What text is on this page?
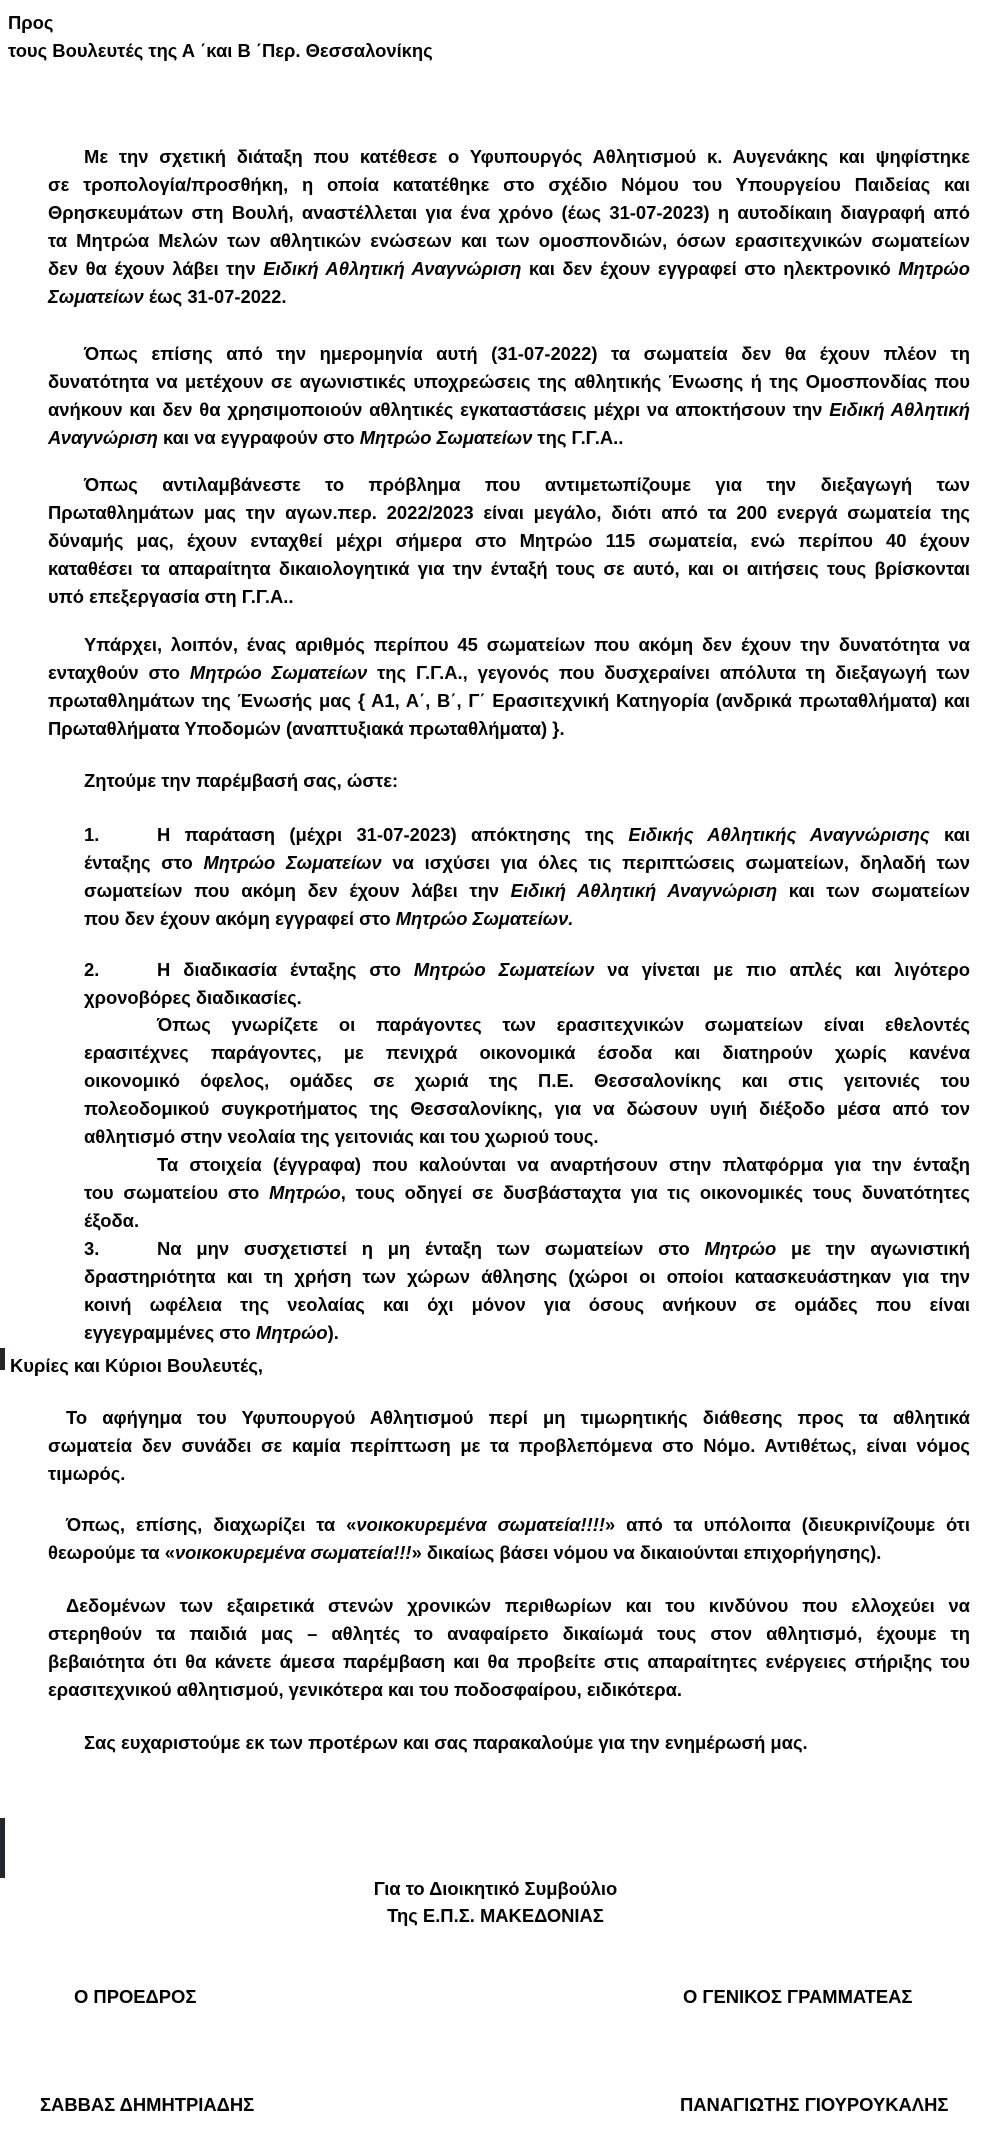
Προς
τους Βουλευτές της Α ΄και Β ΄Περ. Θεσσαλονίκης
Με την σχετική διάταξη που κατέθεσε ο Υφυπουργός Αθλητισμού κ. Αυγενάκης και ψηφίστηκε
σε τροπολογία/προσθήκη, η οποία κατατέθηκε στο σχέδιο Νόμου του Υπουργείου Παιδείας και
Θρησκευμάτων στη Βουλή, αναστέλλεται για ένα χρόνο (έως 31-07-2023) η αυτοδίκαιη διαγραφή από
τα Μητρώα Μελών των αθλητικών ενώσεων και των ομοσπονδιών, όσων ερασιτεχνικών σωματείων
δεν θα έχουν λάβει την Ειδική Αθλητική Αναγνώριση και δεν έχουν εγγραφεί στο ηλεκτρονικό Μητρώο
Σωματείων έως 31-07-2022.
Όπως επίσης από την ημερομηνία αυτή (31-07-2022) τα σωματεία δεν θα έχουν πλέον τη
δυνατότητα να μετέχουν σε αγωνιστικές υποχρεώσεις της αθλητικής Ένωσης ή της Ομοσπονδίας που
ανήκουν και δεν θα χρησιμοποιούν αθλητικές εγκαταστάσεις μέχρι να αποκτήσουν την Ειδική Αθλητική
Αναγνώριση και να εγγραφούν στο Μητρώο Σωματείων της Γ.Γ.Α..
Όπως αντιλαμβάνεστε το πρόβλημα που αντιμετωπίζουμε για την διεξαγωγή των
Πρωταθλημάτων μας την αγων.περ. 2022/2023 είναι μεγάλο, διότι από τα 200 ενεργά σωματεία της
δύναμής μας, έχουν ενταχθεί μέχρι σήμερα στο Μητρώο 115 σωματεία, ενώ περίπου 40 έχουν
καταθέσει τα απαραίτητα δικαιολογητικά για την ένταξή τους σε αυτό, και οι αιτήσεις τους βρίσκονται
υπό επεξεργασία στη Γ.Γ.Α..
Υπάρχει, λοιπόν, ένας αριθμός περίπου 45 σωματείων που ακόμη δεν έχουν την δυνατότητα να
ενταχθούν στο Μητρώο Σωματείων της Γ.Γ.Α., γεγονός που δυσχεραίνει απόλυτα τη διεξαγωγή των
πρωταθλημάτων της Ένωσής μας { Α1, Α΄, Β΄, Γ΄ Ερασιτεχνική Κατηγορία (ανδρικά πρωταθλήματα) και
Πρωταθλήματα Υποδομών (αναπτυξιακά πρωταθλήματα) }.
Ζητούμε την παρέμβασή σας, ώστε:
1.	Η παράταση (μέχρι 31-07-2023) απόκτησης της Ειδικής Αθλητικής Αναγνώρισης και
ένταξης στο Μητρώο Σωματείων να ισχύσει για όλες τις περιπτώσεις σωματείων, δηλαδή των
σωματείων που ακόμη δεν έχουν λάβει την Ειδική Αθλητική Αναγνώριση και των σωματείων
που δεν έχουν ακόμη εγγραφεί στο Μητρώο Σωματείων.
2.	Η διαδικασία ένταξης στο Μητρώο Σωματείων να γίνεται με πιο απλές και λιγότερο
χρονοβόρες διαδικασίες.
Όπως γνωρίζετε οι παράγοντες των ερασιτεχνικών σωματείων είναι εθελοντές
ερασιτέχνες παράγοντες, με πενιχρά οικονομικά έσοδα και διατηρούν χωρίς κανένα
οικονομικό όφελος, ομάδες σε χωριά της Π.Ε. Θεσσαλονίκης και στις γειτονιές του
πολεοδομικού συγκροτήματος της Θεσσαλονίκης, για να δώσουν υγιή διέξοδο μέσα από τον
αθλητισμό στην νεολαία της γειτονιάς και του χωριού τους.
Τα στοιχεία (έγγραφα) που καλούνται να αναρτήσουν στην πλατφόρμα για την ένταξη
του σωματείου στο Μητρώο, τους οδηγεί σε δυσβάσταχτα για τις οικονομικές τους δυνατότητες
έξοδα.
3.	Να μην συσχετιστεί η μη ένταξη των σωματείων στο Μητρώο με την αγωνιστική
δραστηριότητα και τη χρήση των χώρων άθλησης (χώροι οι οποίοι κατασκευάστηκαν για την
κοινή ωφέλεια της νεολαίας και όχι μόνον για όσους ανήκουν σε ομάδες που είναι
εγγεγραμμένες στο Μητρώο).
Κυρίες και Κύριοι Βουλευτές,
Το αφήγημα του Υφυπουργού Αθλητισμού περί μη τιμωρητικής διάθεσης προς τα αθλητικά
σωματεία δεν συνάδει σε καμία περίπτωση με τα προβλεπόμενα στο Νόμο. Αντιθέτως, είναι νόμος
τιμωρός.
Όπως, επίσης, διαχωρίζει τα «νοικοκυρεμένα σωματεία!!!!» από τα υπόλοιπα (διευκρινίζουμε ότι
θεωρούμε τα «νοικοκυρεμένα σωματεία!!!» δικαίως βάσει νόμου να δικαιούνται επιχορήγησης).
Δεδομένων των εξαιρετικά στενών χρονικών περιθωρίων και του κινδύνου που ελλοχεύει να
στερηθούν τα παιδιά μας – αθλητές το αναφαίρετο δικαίωμά τους στον αθλητισμό, έχουμε τη
βεβαιότητα ότι θα κάνετε άμεσα παρέμβαση και θα προβείτε στις απαραίτητες ενέργειες στήριξης του
ερασιτεχνικού αθλητισμού, γενικότερα και του ποδοσφαίρου, ειδικότερα.
Σας ευχαριστούμε εκ των προτέρων και σας παρακαλούμε για την ενημέρωσή μας.
Για το Διοικητικό Συμβούλιο
Της Ε.Π.Σ. ΜΑΚΕΔΟΝΙΑΣ
Ο ΠΡΟΕΔΡΟΣ	Ο ΓΕΝΙΚΟΣ ΓΡΑΜΜΑΤΕΑΣ
ΣΑΒΒΑΣ ΔΗΜΗΤΡΙΑΔΗΣ	ΠΑΝΑΓΙΩΤΗΣ ΓΙΟΥΡΟΥΚΑΛΗΣ
